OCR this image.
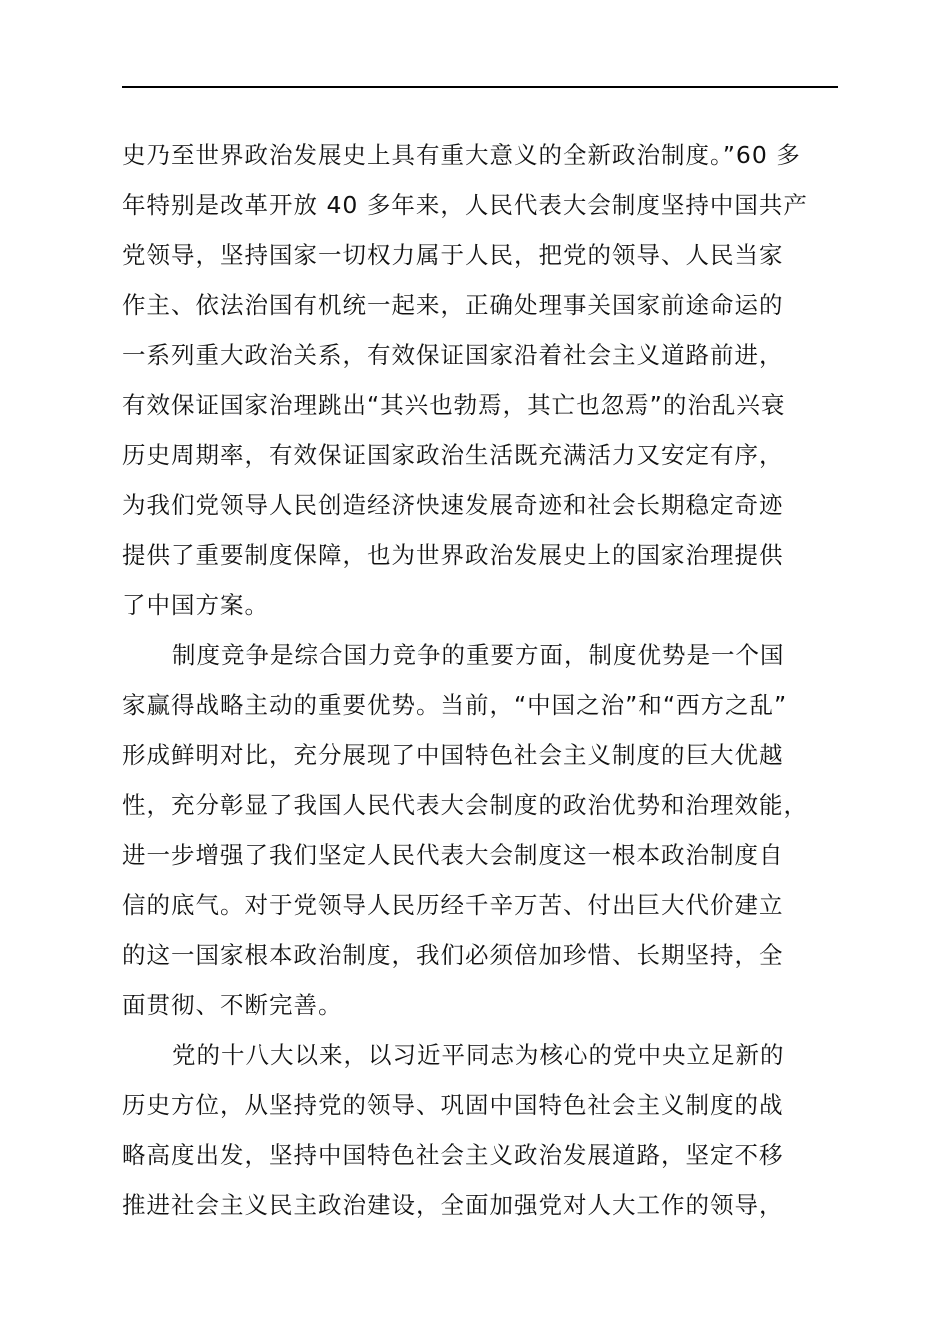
史乃至世界政治发展史上具有重大意义的全新政治制度。”60 多
年特别是改革开放 40 多年来，人民代表大会制度坚持中国共产
党领导，坚持国家一切权力属于人民，把党的领导、人民当家
作主、依法治国有机统一起来，正确处理事关国家前途命运的
一系列重大政治关系，有效保证国家沿着社会主义道路前进，
有效保证国家治理跳出“其兴也勃焉，其亡也忽焉”的治乱兴衰
历史周期率，有效保证国家政治生活既充满活力又安定有序，
为我们党领导人民创造经济快速发展奇迹和社会长期稳定奇迹
提供了重要制度保障，也为世界政治发展史上的国家治理提供
了中国方案。
制度竞争是综合国力竞争的重要方面，制度优势是一个国
家赢得战略主动的重要优势。当前，“中国之治”和“西方之乱”
形成鲜明对比，充分展现了中国特色社会主义制度的巨大优越
性，充分彰显了我国人民代表大会制度的政治优势和治理效能，
进一步增强了我们坚定人民代表大会制度这一根本政治制度自
信的底气。对于党领导人民历经千辛万苦、付出巨大代价建立
的这一国家根本政治制度，我们必须倍加珍惜、长期坚持，全
面贯彻、不断完善。
党的十八大以来，以习近平同志为核心的党中央立足新的
历史方位，从坚持党的领导、巩固中国特色社会主义制度的战
略高度出发，坚持中国特色社会主义政治发展道路，坚定不移
推进社会主义民主政治建设，全面加强党对人大工作的领导，
